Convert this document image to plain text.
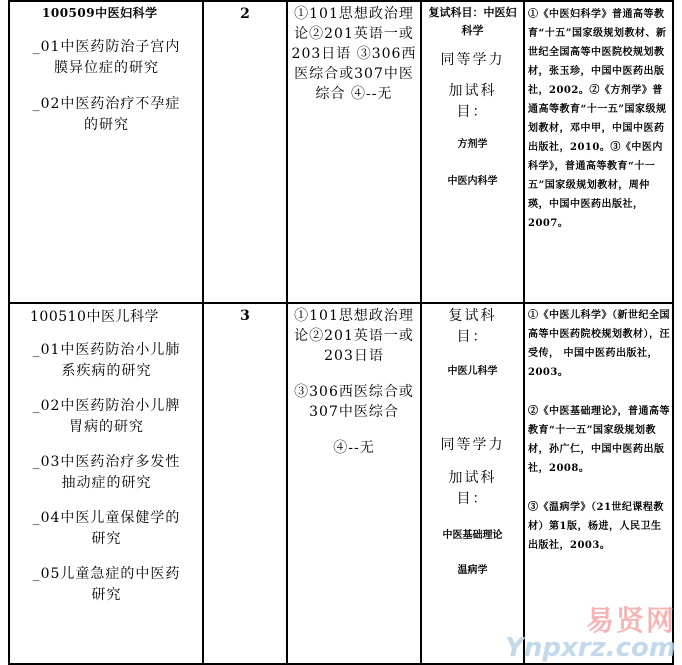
100509中医妇科学

_01中医药防治子宫内膜异位症的研究

_02中医药治疗不孕症的研究

2	①101思想政治理论②201英语一或203日语 ③306西医综合或307中医综合 ④--无

复试科目：中医妇科学
同等学力
加试科目：
方剂学
中医内科学
①《中医妇科学》普通高等教育“十五”国家级规划教材、新世纪全国高等中医院校规划教材，张玉珍，中国中医药出版社，2002。②《方剂学》普通高等教育“十一五”国家级规划教材，邓中甲，中国中医药出版社，2010。③《中医内科学》，普通高等教育“十一五”国家级规划教材，周仲瑛，中国中医药出版社，2007。

100510中医儿科学

_01中医药防治小儿肺系疾病的研究

_02中医药防治小儿脾胃病的研究

_03中医药治疗多发性抽动症的研究

_04中医儿童保健学的研究

_05儿童急症的中医药研究

3	①101思想政治理论②201英语一或203日语

③306西医综合或307中医综合

④--无

复试科目：
中医儿科学
同等学力
加试科目：
中医基础理论
温病学
①《中医儿科学》（新世纪全国高等中医药院校规划教材），汪受传， 中国中医药出版社，2003。
②《中医基础理论》，普通高等教育“十一五”国家级规划教材，孙广仁，中国中医药出版社，2008。
③《温病学》（21世纪课程教材）第1版，杨进，人民卫生出版社，2003。
易贤网
Ynpxrz.com
